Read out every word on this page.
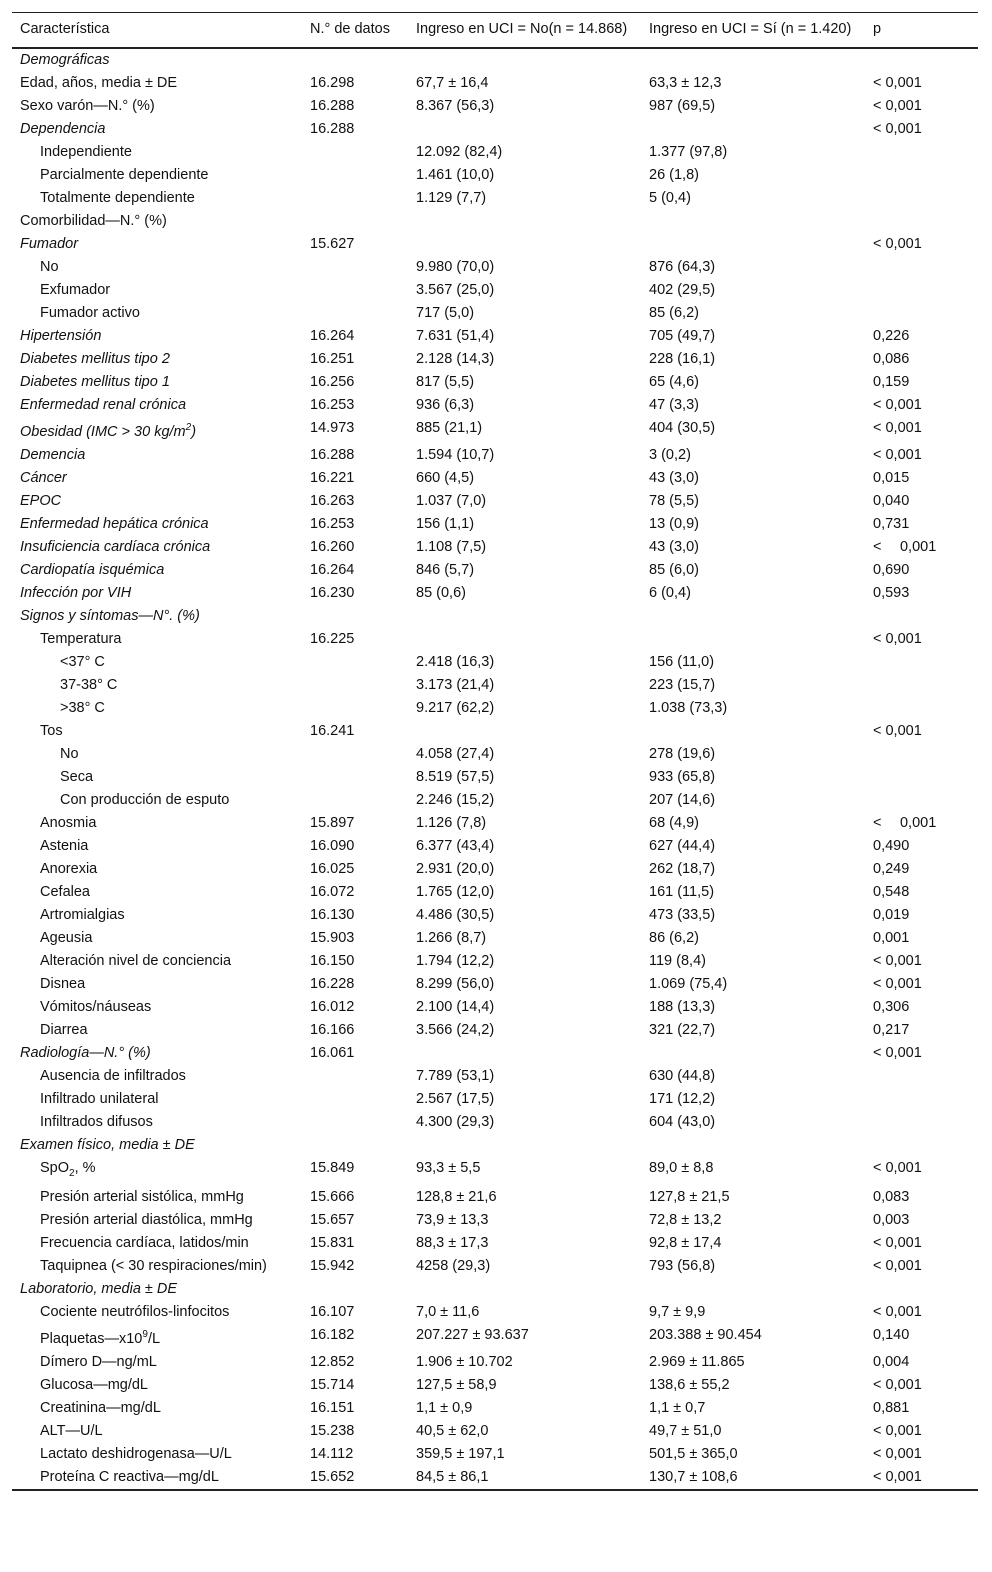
Característica	N.° de datos	Ingreso en UCI = No(n = 14.868)	Ingreso en UCI = Sí (n = 1.420)	p
Demográficas				
Edad, años, media ± DE	16.298	67,7 ± 16,4	63,3 ± 12,3	< 0,001
Sexo varón—N.° (%)	16.288	8.367 (56,3)	987 (69,5)	< 0,001
Dependencia	16.288			< 0,001
Independiente		12.092 (82,4)	1.377 (97,8)	
Parcialmente dependiente		1.461 (10,0)	26 (1,8)	
Totalmente dependiente		1.129 (7,7)	5 (0,4)	
Comorbilidad—N.° (%)				
Fumador	15.627			< 0,001
No		9.980 (70,0)	876 (64,3)	
Exfumador		3.567 (25,0)	402 (29,5)	
Fumador activo		717 (5,0)	85 (6,2)	
Hipertensión	16.264	7.631 (51,4)	705 (49,7)	0,226
Diabetes mellitus tipo 2	16.251	2.128 (14,3)	228 (16,1)	0,086
Diabetes mellitus tipo 1	16.256	817 (5,5)	65 (4,6)	0,159
Enfermedad renal crónica	16.253	936 (6,3)	47 (3,3)	< 0,001
Obesidad (IMC > 30 $kg/m^2$)	14.973	885 (21,1)	404 (30,5)	< 0,001
Demencia	16.288	1.594 (10,7)	3 (0,2)	< 0,001
Cáncer	16.221	660 (4,5)	43 (3,0)	0,015
EPOC	16.263	1.037 (7,0)	78 (5,5)	0,040
Enfermedad hepática crónica	16.253	156 (1,1)	13 (0,9)	0,731
Insuficiencia cardíaca crónica	16.260	1.108 (7,5)	43 (3,0)	<  0,001
Cardiopatía isquémica	16.264	846 (5,7)	85 (6,0)	0,690
Infección por VIH	16.230	85 (0,6)	6 (0,4)	0,593
Signos y síntomas—N°. (%)				
Temperatura	16.225			< 0,001
<37° C		2.418 (16,3)	156 (11,0)	
37-38° C		3.173 (21,4)	223 (15,7)	
>38° C		9.217 (62,2)	1.038 (73,3)	
Tos	16.241			< 0,001
No		4.058 (27,4)	278 (19,6)	
Seca		8.519 (57,5)	933 (65,8)	
Con producción de esputo		2.246 (15,2)	207 (14,6)	
Anosmia	15.897	1.126 (7,8)	68 (4,9)	<  0,001
Astenia	16.090	6.377 (43,4)	627 (44,4)	0,490
Anorexia	16.025	2.931 (20,0)	262 (18,7)	0,249
Cefalea	16.072	1.765 (12,0)	161 (11,5)	0,548
Artromialgias	16.130	4.486 (30,5)	473 (33,5)	0,019
Ageusia	15.903	1.266 (8,7)	86 (6,2)	0,001
Alteración nivel de conciencia	16.150	1.794 (12,2)	119 (8,4)	< 0,001
Disnea	16.228	8.299 (56,0)	1.069 (75,4)	< 0,001
Vómitos/náuseas	16.012	2.100 (14,4)	188 (13,3)	0,306
Diarrea	16.166	3.566 (24,2)	321 (22,7)	0,217
Radiología—N.° (%)	16.061			< 0,001
Ausencia de infiltrados		7.789 (53,1)	630 (44,8)	
Infiltrado unilateral		2.567 (17,5)	171 (12,2)	
Infiltrados difusos		4.300 (29,3)	604 (43,0)	
Examen físico, media ± DE				
SpO$_2$, %	15.849	93,3 ± 5,5	89,0 ± 8,8	< 0,001
Presión arterial sistólica, mmHg	15.666	128,8 ± 21,6	127,8 ± 21,5	0,083
Presión arterial diastólica, mmHg	15.657	73,9 ± 13,3	72,8 ± 13,2	0,003
Frecuencia cardíaca, latidos/min	15.831	88,3 ± 17,3	92,8 ± 17,4	< 0,001
Taquipnea (< 30 respiraciones/min)	15.942	4258 (29,3)	793 (56,8)	< 0,001
Laboratorio, media ± DE				
Cociente neutrófilos-linfocitos	16.107	7,0 ± 11,6	9,7 ± 9,9	< 0,001
$Plaquetas—x10^9/L$	16.182	207.227 ± 93.637	203.388 ± 90.454	0,140
Dímero D—ng/mL	12.852	1.906 ± 10.702	2.969 ± 11.865	0,004
Glucosa—mg/dL	15.714	127,5 ± 58,9	138,6 ± 55,2	< 0,001
Creatinina—mg/dL	16.151	1,1 ± 0,9	1,1 ± 0,7	0,881
ALT—U/L	15.238	40,5 ± 62,0	49,7 ± 51,0	< 0,001
Lactato deshidrogenasa—U/L	14.112	359,5 ± 197,1	501,5 ± 365,0	< 0,001
Proteína C reactiva—mg/dL	15.652	84,5 ± 86,1	130,7 ± 108,6	< 0,001
